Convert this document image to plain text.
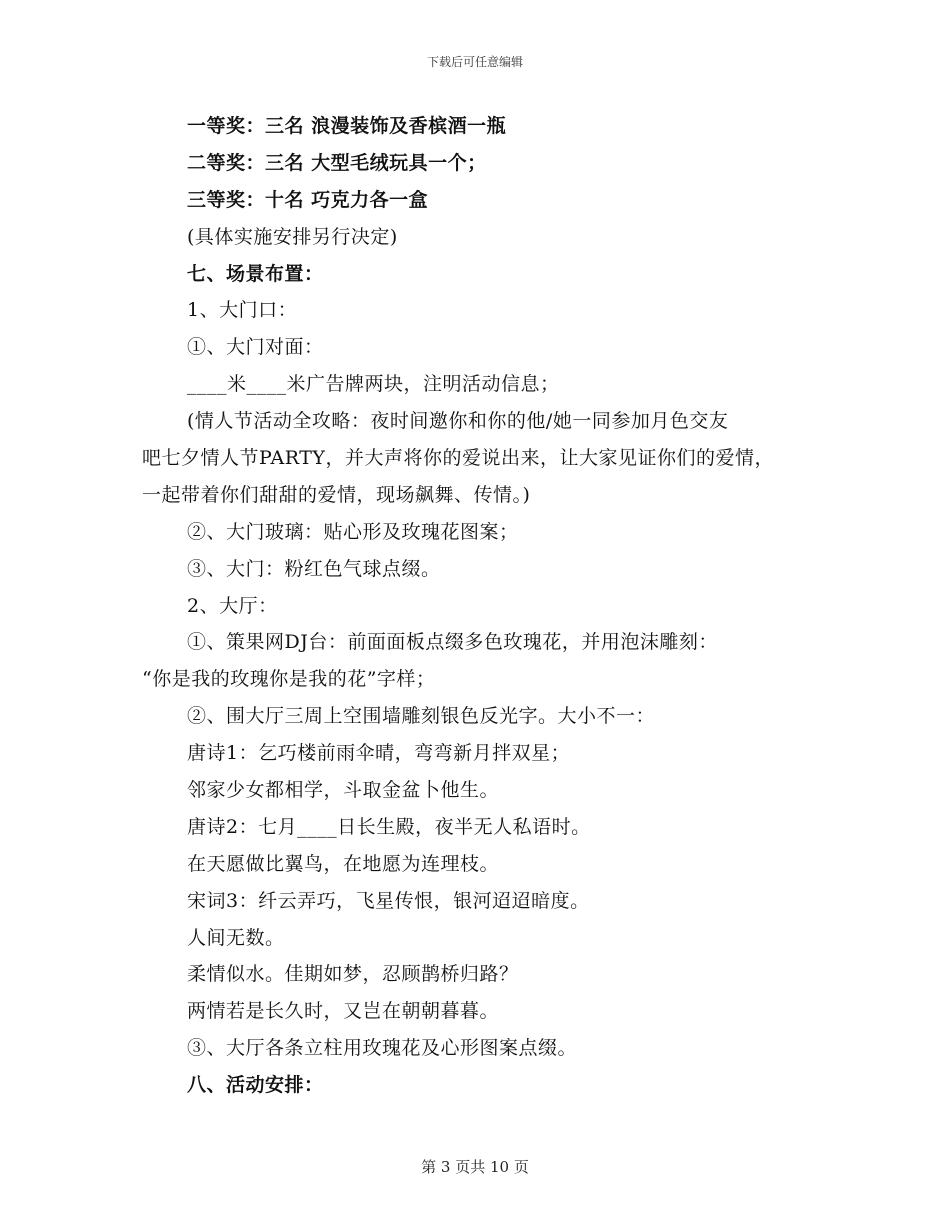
下载后可任意编辑
一等奖：三名 浪漫装饰及香槟酒一瓶
二等奖：三名 大型毛绒玩具一个；
三等奖：十名 巧克力各一盒
(具体实施安排另行决定)
七、场景布置：
1、大门口：
①、大门对面：
____米____米广告牌两块，注明活动信息；
(情人节活动全攻略：夜时间邀你和你的他/她一同参加月色交友
吧七夕情人节PARTY，并大声将你的爱说出来，让大家见证你们的爱情，
一起带着你们甜甜的爱情，现场飙舞、传情。)
②、大门玻璃：贴心形及玫瑰花图案；
③、大门：粉红色气球点缀。
2、大厅：
①、策果网DJ台：前面面板点缀多色玫瑰花，并用泡沫雕刻：
“你是我的玫瑰你是我的花”字样；
②、围大厅三周上空围墙雕刻银色反光字。大小不一：
唐诗1：乞巧楼前雨伞晴，弯弯新月拌双星；
邻家少女都相学，斗取金盆卜他生。
唐诗2：七月____日长生殿，夜半无人私语时。
在天愿做比翼鸟，在地愿为连理枝。
宋词3：纤云弄巧，飞星传恨，银河迢迢暗度。
人间无数。
柔情似水。佳期如梦，忍顾鹊桥归路？
两情若是长久时，又岂在朝朝暮暮。
③、大厅各条立柱用玫瑰花及心形图案点缀。
八、活动安排：
第 3 页共 10 页
